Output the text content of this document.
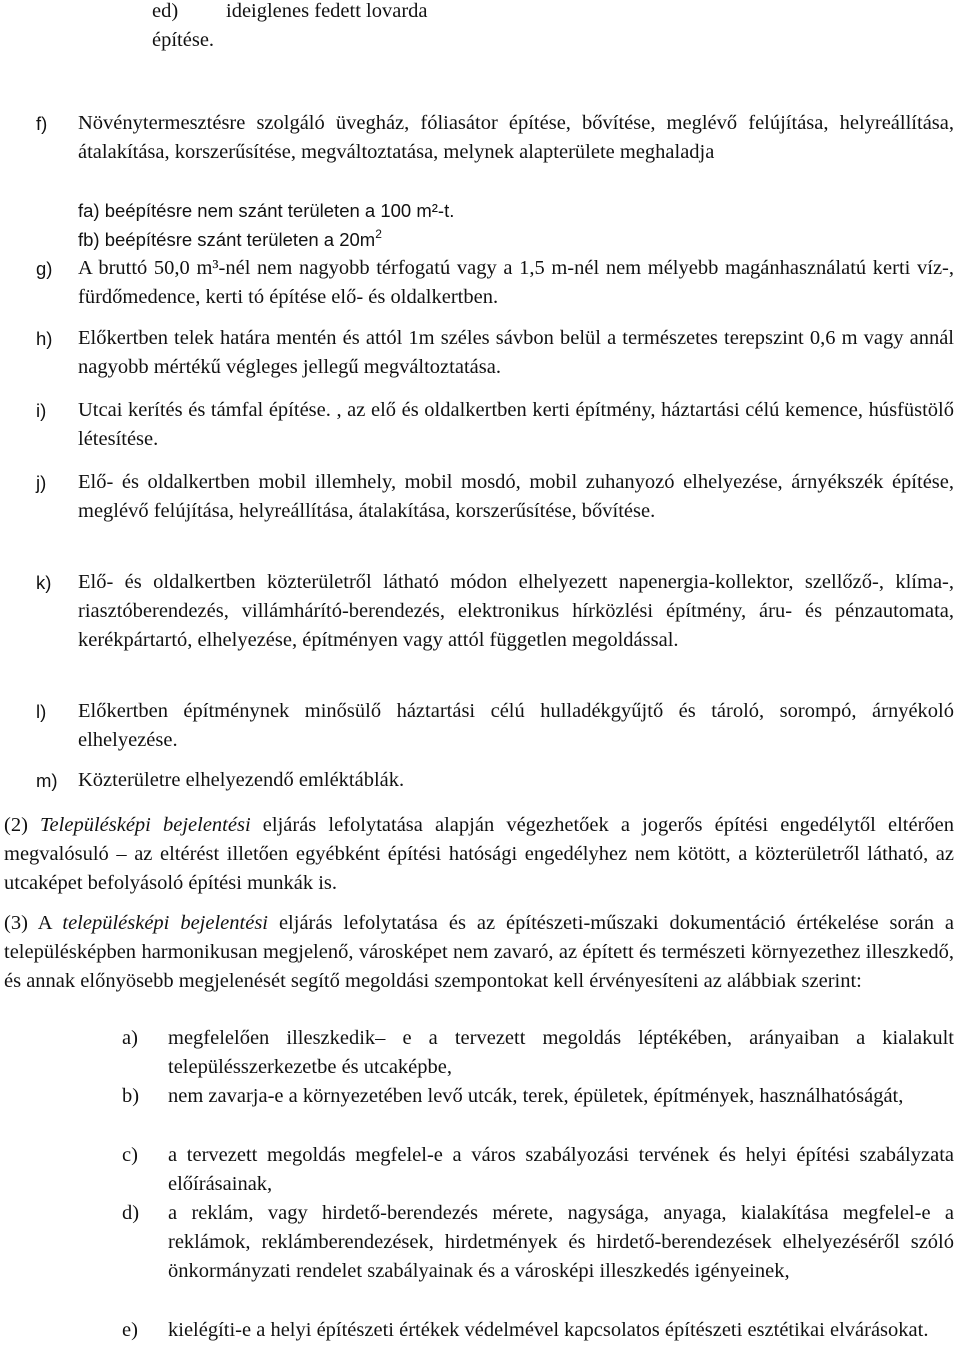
ed)	ideiglenes fedett lovarda
építése.
f) Növénytermesztésre szolgáló üvegház, fóliasátor építése, bővítése, meglévő felújítása, helyreállítása, átalakítása, korszerűsítése, megváltoztatása, melynek alapterülete meghaladja
fa) beépítésre nem szánt területen a 100 m²-t.
fb) beépítésre szánt területen a $20m^2$
g) A bruttó 50,0 m³-nél nem nagyobb térfogatú vagy a 1,5 m-nél nem mélyebb magánhasználatú kerti víz-, fürdőmedence, kerti tó építése elő- és oldalkertben.
h) Előkertben telek határa mentén és attól 1m széles sávbon belül a természetes terepszint 0,6 m vagy annál nagyobb mértékű végleges jellegű megváltoztatása.
i) Utcai kerítés és támfal építése. , az elő és oldalkertben kerti építmény, háztartási célú kemence, húsfüstölő létesítése.
j) Elő- és oldalkertben mobil illemhely, mobil mosdó, mobil zuhanyozó elhelyezése, árnyékszék építése, meglévő felújítása, helyreállítása, átalakítása, korszerűsítése, bővítése.
k) Elő- és oldalkertben közterületről látható módon elhelyezett napenergia-kollektor, szellőző-, klíma-, riasztóberendezés, villámhárító-berendezés, elektronikus hírközlési építmény, áru- és pénzautomata, kerékpártartó, elhelyezése, építményen vagy attól független megoldással.
l) Előkertben építménynek minősülő háztartási célú hulladékgyűjtő és tároló, sorompó, árnyékoló elhelyezése.
m) Közterületre elhelyezendő emléktáblák.
(2) Településképi bejelentési eljárás lefolytatása alapján végezhetőek a jogerős építési engedélytől eltérően megvalósuló – az eltérést illetően egyébként építési hatósági engedélyhez nem kötött, a közterületről látható, az utcaképet befolyásoló építési munkák is.
(3) A településképi bejelentési eljárás lefolytatása és az építészeti-műszaki dokumentáció értékelése során a településképben harmonikusan megjelenő, városképet nem zavaró, az épített és természeti környezethez illeszkedő, és annak előnyösebb megjelenését segítő megoldási szempontokat kell érvényesíteni az alábbiak szerint:
a) megfelelően illeszkedik– e a tervezett megoldás léptékében, arányaiban a kialakult településszerkezetbe és utcaképbe,
b) nem zavarja-e a környezetében levő utcák, terek, épületek, építmények, használhatóságát,
c) a tervezett megoldás megfelel-e a város szabályozási tervének és helyi építési szabályzata előírásainak,
d) a reklám, vagy hirdető-berendezés mérete, nagysága, anyaga, kialakítása megfelel-e a reklámok, reklámberendezések, hirdetmények és hirdető-berendezések elhelyezéséről szóló önkormányzati rendelet szabályainak és a városképi illeszkedés igényeinek,
e) kielégíti-e a helyi építészeti értékek védelmével kapcsolatos építészeti esztétikai elvárásokat.
